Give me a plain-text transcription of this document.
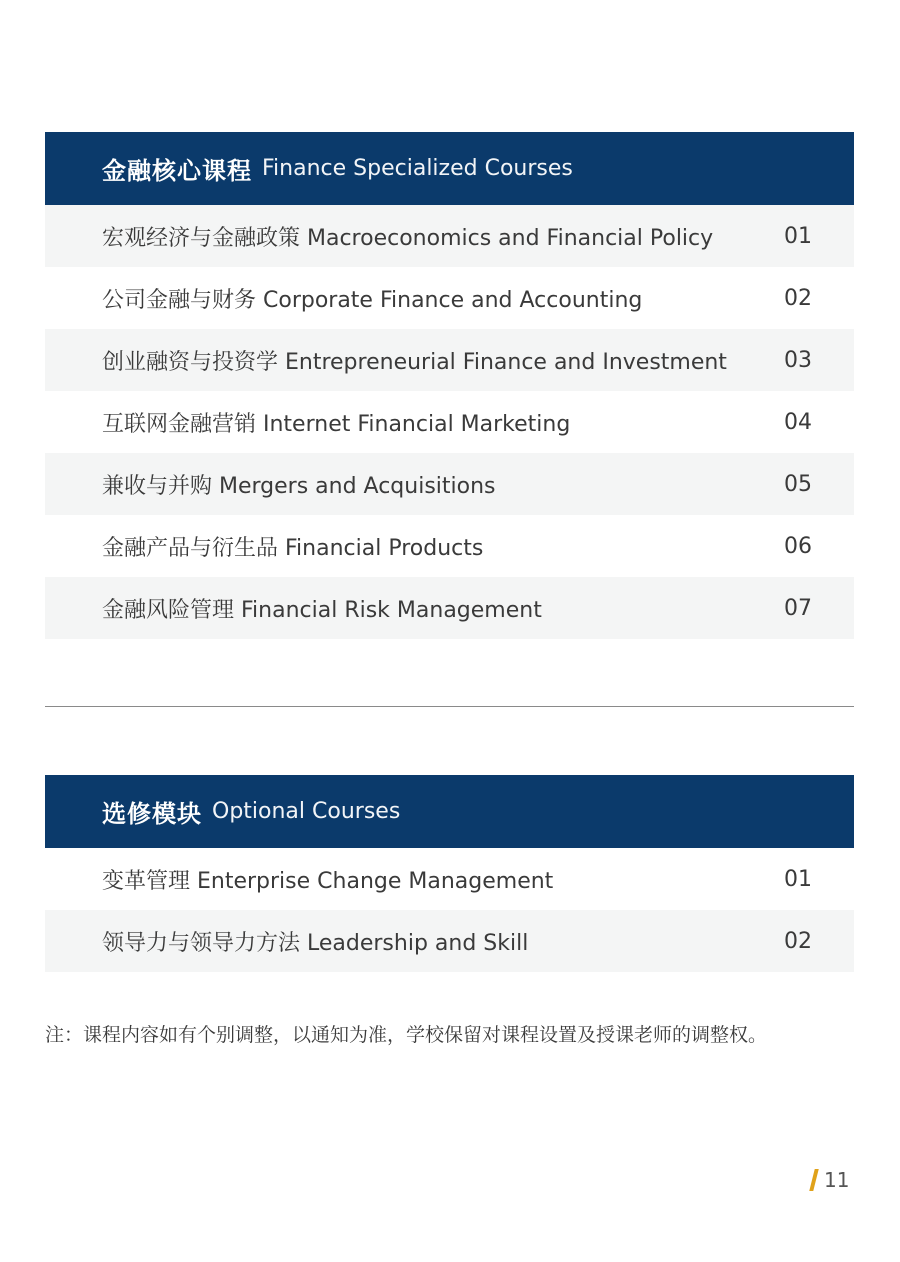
金融核心课程 Finance Specialized Courses
宏观经济与金融政策 Macroeconomics and Financial Policy	01
公司金融与财务 Corporate Finance and Accounting	02
创业融资与投资学 Entrepreneurial Finance and Investment	03
互联网金融营销 Internet Financial Marketing	04
兼收与并购 Mergers and Acquisitions	05
金融产品与衍生品 Financial Products	06
金融风险管理 Financial Risk Management	07
选修模块 Optional Courses
变革管理 Enterprise Change Management	01
领导力与领导力方法 Leadership and Skill	02
注：课程内容如有个别调整，以通知为准，学校保留对课程设置及授课老师的调整权。
11
